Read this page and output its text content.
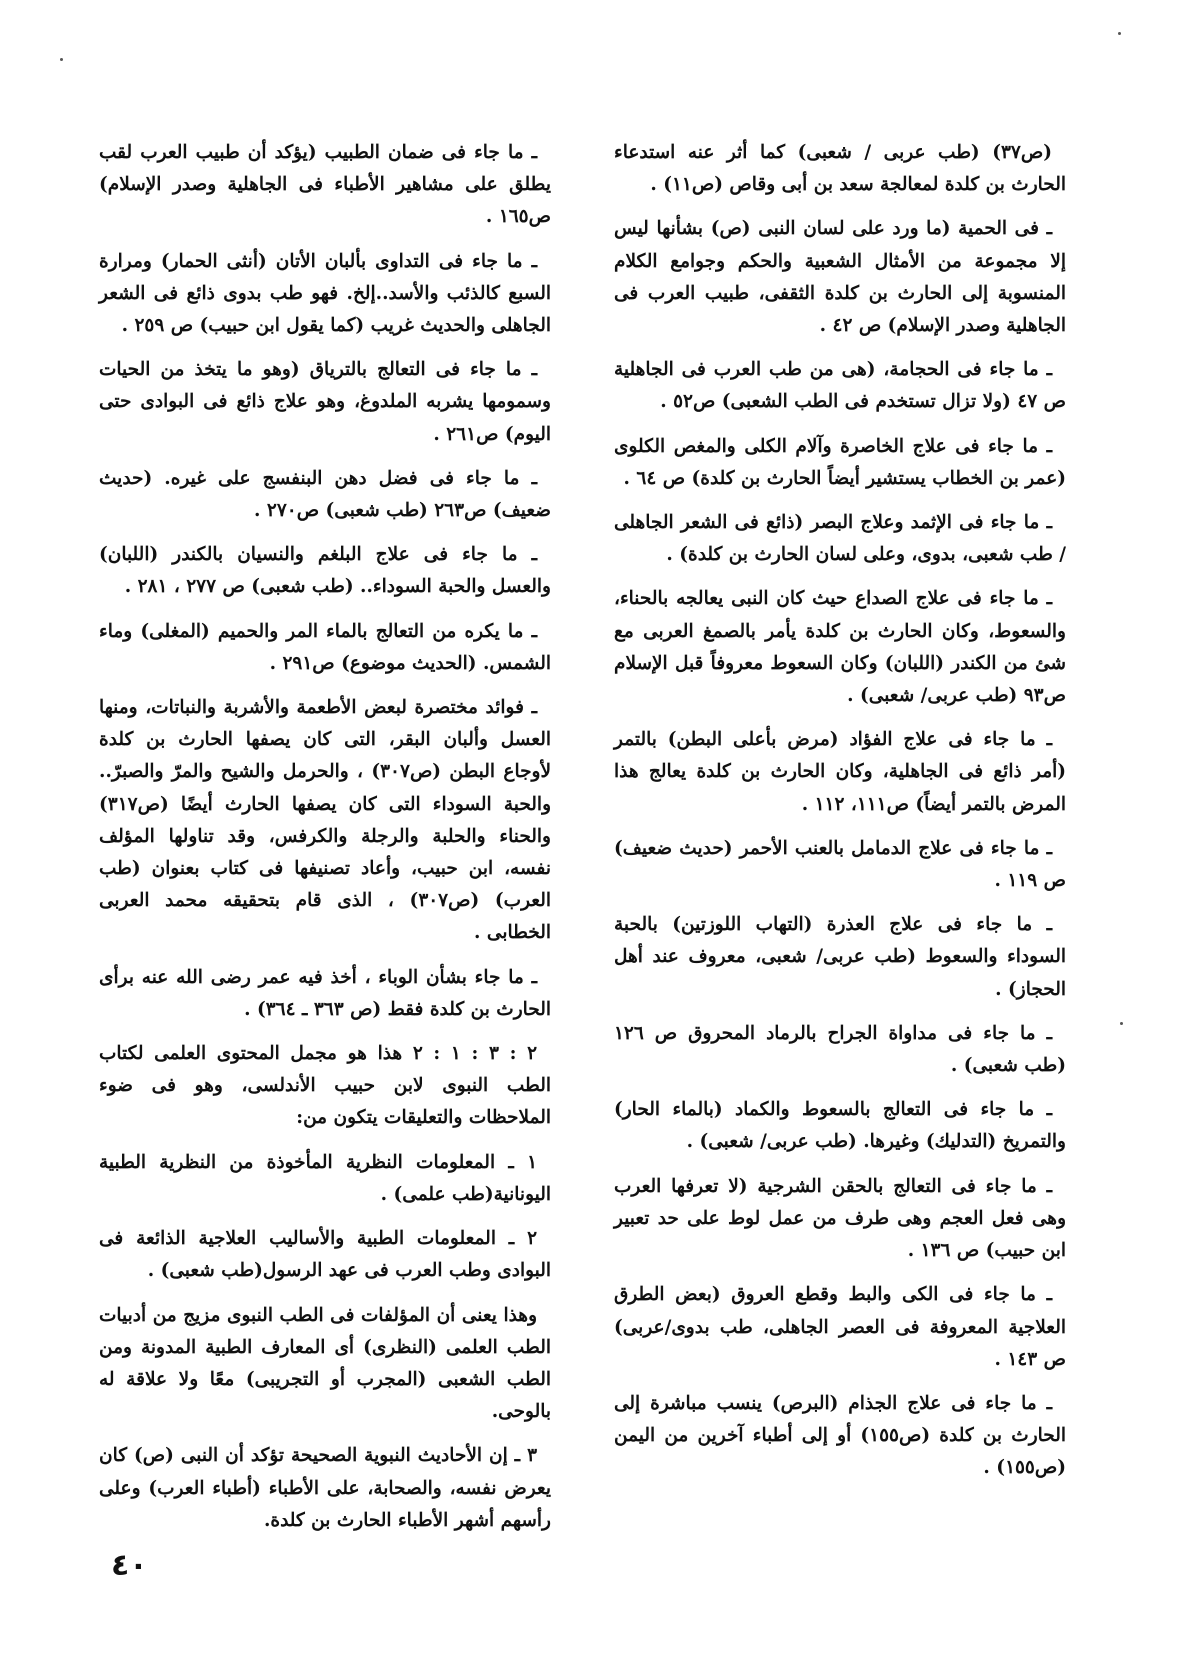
(ص٣٧) (طب عربى / شعبى) كما أثر عنه استدعاء الحارث بن كلدة لمعالجة سعد بن أبى وقاص (ص١١) .

ـ فى الحمية (ما ورد على لسان النبى (ص) بشأنها ليس إلا مجموعة من الأمثال الشعبية والحكم وجوامع الكلام المنسوبة إلى الحارث بن كلدة الثقفى، طبيب العرب فى الجاهلية وصدر الإسلام) ص ٤٢ .

ـ ما جاء فى الحجامة، (هى من طب العرب فى الجاهلية ص ٤٧ (ولا تزال تستخدم فى الطب الشعبى) ص٥٢ .

ـ ما جاء فى علاج الخاصرة وآلام الكلى والمغص الكلوى (عمر بن الخطاب يستشير أيضاً الحارث بن كلدة) ص ٦٤ .

ـ ما جاء فى الإثمد وعلاج البصر (ذائع فى الشعر الجاهلى / طب شعبى، بدوى، وعلى لسان الحارث بن كلدة) .

ـ ما جاء فى علاج الصداع حيث كان النبى يعالجه بالحناء، والسعوط، وكان الحارث بن كلدة يأمر بالصمغ العربى مع شئ من الكندر (اللبان) وكان السعوط معروفاً قبل الإسلام ص٩٣ (طب عربى/ شعبى) .

ـ ما جاء فى علاج الفؤاد (مرض بأعلى البطن) بالتمر (أمر ذائع فى الجاهلية، وكان الحارث بن كلدة يعالج هذا المرض بالتمر أيضاً) ص١١١، ١١٢ .

ـ ما جاء فى علاج الدمامل بالعنب الأحمر (حديث ضعيف) ص ١١٩ .

ـ ما جاء فى علاج العذرة (التهاب اللوزتين) بالحبة السوداء والسعوط (طب عربى/ شعبى، معروف عند أهل الحجاز) .

ـ ما جاء فى مداواة الجراح بالرماد المحروق ص ١٢٦ (طب شعبى) .

ـ ما جاء فى التعالج بالسعوط والكماد (بالماء الحار) والتمريخ (التدليك) وغيرها. (طب عربى/ شعبى) .

ـ ما جاء فى التعالج بالحقن الشرجية (لا تعرفها العرب وهى فعل العجم وهى طرف من عمل لوط على حد تعبير ابن حبيب) ص ١٣٦ .

ـ ما جاء فى الكى والبط وقطع العروق (بعض الطرق العلاجية المعروفة فى العصر الجاهلى، طب بدوى/عربى) ص ١٤٣ .

ـ ما جاء فى علاج الجذام (البرص) ينسب مباشرة إلى الحارث بن كلدة (ص١٥٥) أو إلى أطباء آخرين من اليمن (ص١٥٥) .

ـ ما جاء فى ضمان الطبيب (يؤكد أن طبيب العرب لقب يطلق على مشاهير الأطباء فى الجاهلية وصدر الإسلام) ص١٦٥ .

ـ ما جاء فى التداوى بألبان الأتان (أنثى الحمار) ومرارة السبع كالذئب والأسد..إلخ. فهو طب بدوى ذائع فى الشعر الجاهلى والحديث غريب (كما يقول ابن حبيب) ص ٢٥٩ .

ـ ما جاء فى التعالج بالترياق (وهو ما يتخذ من الحيات وسمومها يشربه الملدوغ، وهو علاج ذائع فى البوادى حتى اليوم) ص٢٦١ .

ـ ما جاء فى فضل دهن البنفسج على غيره. (حديث ضعيف) ص٢٦٣ (طب شعبى) ص٢٧٠ .

ـ ما جاء فى علاج البلغم والنسيان بالكندر (اللبان) والعسل والحبة السوداء.. (طب شعبى) ص ٢٧٧ ، ٢٨١ .

ـ ما يكره من التعالج بالماء المر والحميم (المغلى) وماء الشمس. (الحديث موضوع) ص٢٩١ .

ـ فوائد مختصرة لبعض الأطعمة والأشربة والنباتات، ومنها العسل وألبان البقر، التى كان يصفها الحارث بن كلدة لأوجاع البطن (ص٣٠٧) ، والحرمل والشيح والمرّ والصبرّ.. والحبة السوداء التى كان يصفها الحارث أيضًا (ص٣١٧) والحناء والحلبة والرجلة والكرفس، وقد تناولها المؤلف نفسه، ابن حبيب، وأعاد تصنيفها فى كتاب بعنوان (طب العرب) (ص٣٠٧) ، الذى قام بتحقيقه محمد العربى الخطابى .

ـ ما جاء بشأن الوباء ، أخذ فيه عمر رضى الله عنه برأى الحارث بن كلدة فقط (ص ٣٦٣ ـ ٣٦٤) .

٢ : ٣ : ١ : ٢ هذا هو مجمل المحتوى العلمى لكتاب الطب النبوى لابن حبيب الأندلسى، وهو فى ضوء الملاحظات والتعليقات يتكون من:

١ ـ المعلومات النظرية المأخوذة من النظرية الطبية اليونانية(طب علمى) .

٢ ـ المعلومات الطبية والأساليب العلاجية الذائعة فى البوادى وطب العرب فى عهد الرسول(طب شعبى) .

وهذا يعنى أن المؤلفات فى الطب النبوى مزيج من أدبيات الطب العلمى (النظرى) أى المعارف الطبية المدونة ومن الطب الشعبى (المجرب أو التجريبى) معًا ولا علاقة له بالوحى.

٣ ـ إن الأحاديث النبوية الصحيحة تؤكد أن النبى (ص) كان يعرض نفسه، والصحابة، على الأطباء (أطباء العرب) وعلى رأسهم أشهر الأطباء الحارث بن كلدة.

٤٠
